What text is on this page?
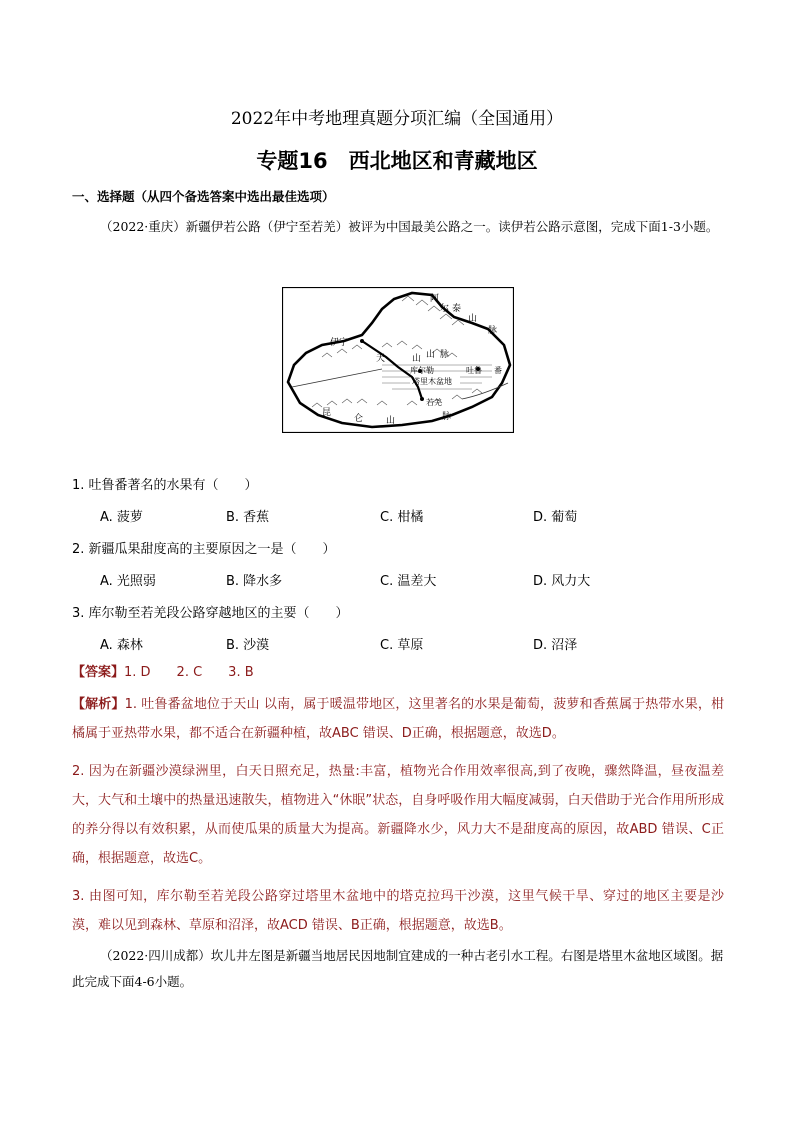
2022年中考地理真题分项汇编（全国通用）
专题16　西北地区和青藏地区
一、选择题（从四个备选答案中选出最佳选项）
（2022·重庆）新疆伊若公路（伊宁至若羌）被评为中国最美公路之一。读伊若公路示意图，完成下面1-3小题。
阿
尔 泰
山
脉
伊宁
天	山 山 脉
库尔勒	吐鲁 番
塔里木盆地
若羌
昆
仑	山	脉
1. 吐鲁番著名的水果有（　　）
A. 菠萝	B. 香蕉	C. 柑橘	D. 葡萄
2. 新疆瓜果甜度高的主要原因之一是（　　）
A. 光照弱	B. 降水多	C. 温差大	D. 风力大
3. 库尔勒至若羌段公路穿越地区的主要（　　）
A. 森林	B. 沙漠	C. 草原	D. 沼泽
【答案】1. D　　2. C　　3. B
【解析】1. 吐鲁番盆地位于天山 以南，属于暖温带地区，这里著名的水果是葡萄，菠萝和香蕉属于热带水果，柑橘属于亚热带水果，都不适合在新疆种植，故ABC 错误、D正确，根据题意，故选D。
2. 因为在新疆沙漠绿洲里，白天日照充足，热量:丰富，植物光合作用效率很高,到了夜晚，骤然降温，昼夜温差大，大气和土壤中的热量迅速散失，植物进入“休眠”状态，自身呼吸作用大幅度减弱，白天借助于光合作用所形成的养分得以有效积累，从而使瓜果的质量大为提高。新疆降水少，风力大不是甜度高的原因，故ABD 错误、C正确，根据题意，故选C。
3. 由图可知，库尔勒至若羌段公路穿过塔里木盆地中的塔克拉玛干沙漠，这里气候干旱、穿过的地区主要是沙漠，难以见到森林、草原和沼泽，故ACD 错误、B正确，根据题意，故选B。
（2022·四川成都）坎儿井左图是新疆当地居民因地制宜建成的一种古老引水工程。右图是塔里木盆地区域图。据此完成下面4-6小题。
